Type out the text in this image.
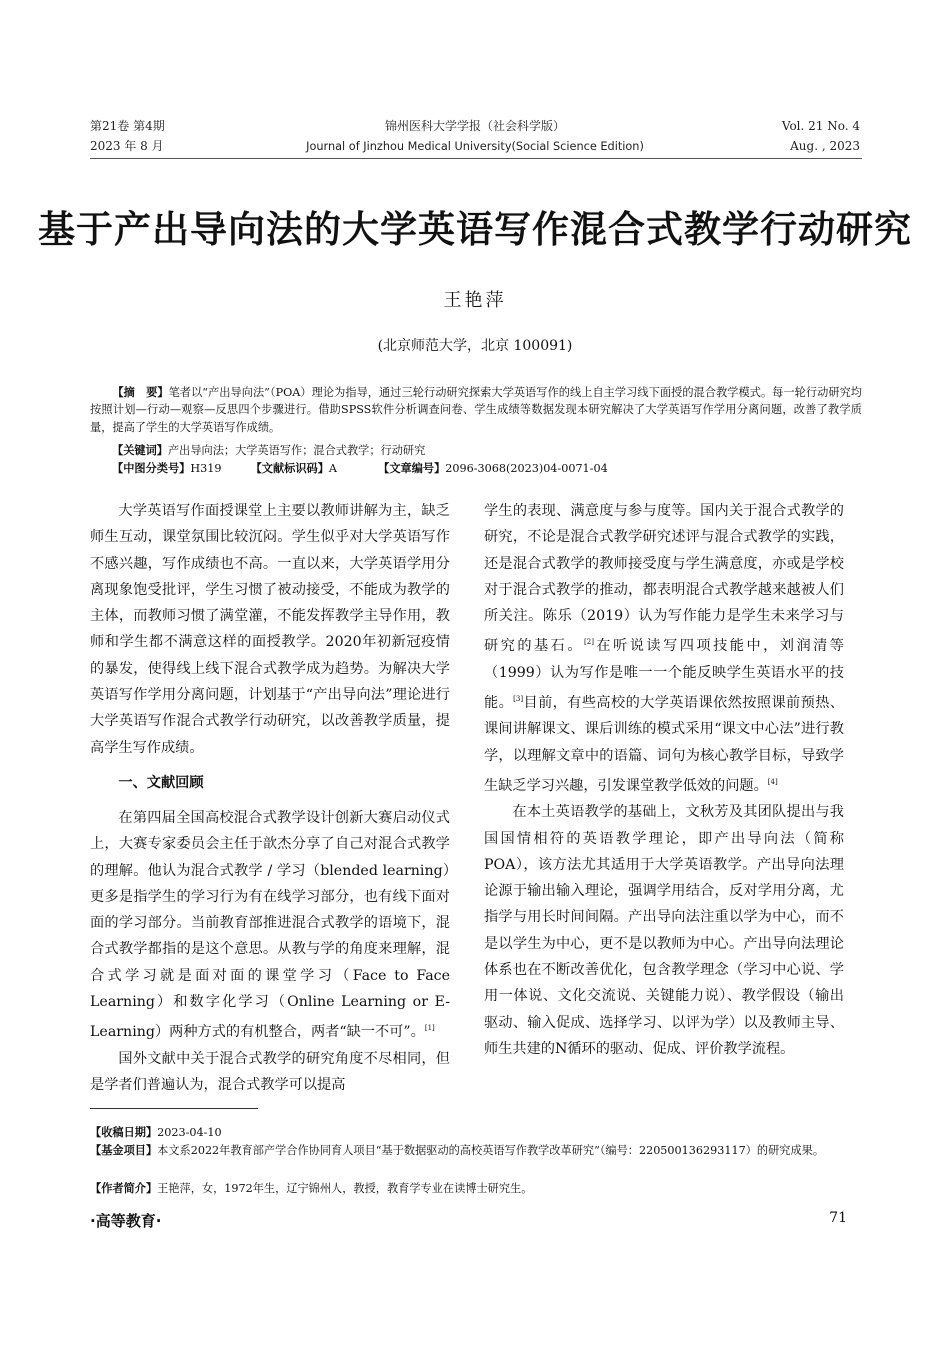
第21卷 第4期
2023 年 8 月
锦州医科大学学报（社会科学版）
Journal of Jinzhou Medical University(Social Science Edition)
Vol. 21 No. 4
Aug. , 2023
基于产出导向法的大学英语写作混合式教学行动研究
王艳萍
(北京师范大学，北京 100091)
【摘　要】笔者以“产出导向法”（POA）理论为指导，通过三轮行动研究探索大学英语写作的线上自主学习线下面授的混合教学模式。每一轮行动研究均按照计划—行动—观察—反思四个步骤进行。借助SPSS软件分析调查问卷、学生成绩等数据发现本研究解决了大学英语写作学用分离问题，改善了教学质量，提高了学生的大学英语写作成绩。
【关键词】产出导向法；大学英语写作；混合式教学；行动研究
【中图分类号】H319	【文献标识码】A	【文章编号】2096-3068(2023)04-0071-04

大学英语写作面授课堂上主要以教师讲解为主，缺乏师生互动，课堂氛围比较沉闷。学生似乎对大学英语写作不感兴趣，写作成绩也不高。一直以来，大学英语学用分离现象饱受批评，学生习惯了被动接受，不能成为教学的主体，而教师习惯了满堂灌，不能发挥教学主导作用，教师和学生都不满意这样的面授教学。2020年初新冠疫情的暴发，使得线上线下混合式教学成为趋势。为解决大学英语写作学用分离问题，计划基于“产出导向法”理论进行大学英语写作混合式教学行动研究，以改善教学质量，提高学生写作成绩。

一、文献回顾

在第四届全国高校混合式教学设计创新大赛启动仪式上，大赛专家委员会主任于歆杰分享了自己对混合式教学的理解。他认为混合式教学 / 学习（blended learning）更多是指学生的学习行为有在线学习部分，也有线下面对面的学习部分。当前教育部推进混合式教学的语境下，混合式教学都指的是这个意思。从教与学的角度来理解，混合式学习就是面对面的课堂学习（Face to Face Learning）和数字化学习（Online Learning or E-Learning）两种方式的有机整合，两者“缺一不可”。[1]

国外文献中关于混合式教学的研究角度不尽相同，但是学者们普遍认为，混合式教学可以提高

学生的表现、满意度与参与度等。国内关于混合式教学的研究，不论是混合式教学研究述评与混合式教学的实践，还是混合式教学的教师接受度与学生满意度，亦或是学校对于混合式教学的推动，都表明混合式教学越来越被人们所关注。陈乐（2019）认为写作能力是学生未来学习与研究的基石。[2]在听说读写四项技能中，刘润清等（1999）认为写作是唯一一个能反映学生英语水平的技能。[3]目前，有些高校的大学英语课依然按照课前预热、课间讲解课文、课后训练的模式采用“课文中心法”进行教学，以理解文章中的语篇、词句为核心教学目标，导致学生缺乏学习兴趣，引发课堂教学低效的问题。[4]

在本土英语教学的基础上，文秋芳及其团队提出与我国国情相符的英语教学理论，即产出导向法（简称POA），该方法尤其适用于大学英语教学。产出导向法理论源于输出输入理论，强调学用结合，反对学用分离，尤指学与用长时间间隔。产出导向法注重以学为中心，而不是以学生为中心，更不是以教师为中心。产出导向法理论体系也在不断改善优化，包含教学理念（学习中心说、学用一体说、文化交流说、关键能力说）、教学假设（输出驱动、输入促成、选择学习、以评为学）以及教师主导、师生共建的N循环的驱动、促成、评价教学流程。

【收稿日期】2023-04-10
【基金项目】本文系2022年教育部产学合作协同育人项目“基于数据驱动的高校英语写作教学改革研究”（编号：220500136293117）的研究成果。
【作者简介】王艳萍，女，1972年生，辽宁锦州人，教授，教育学专业在读博士研究生。
·高等教育·	71
